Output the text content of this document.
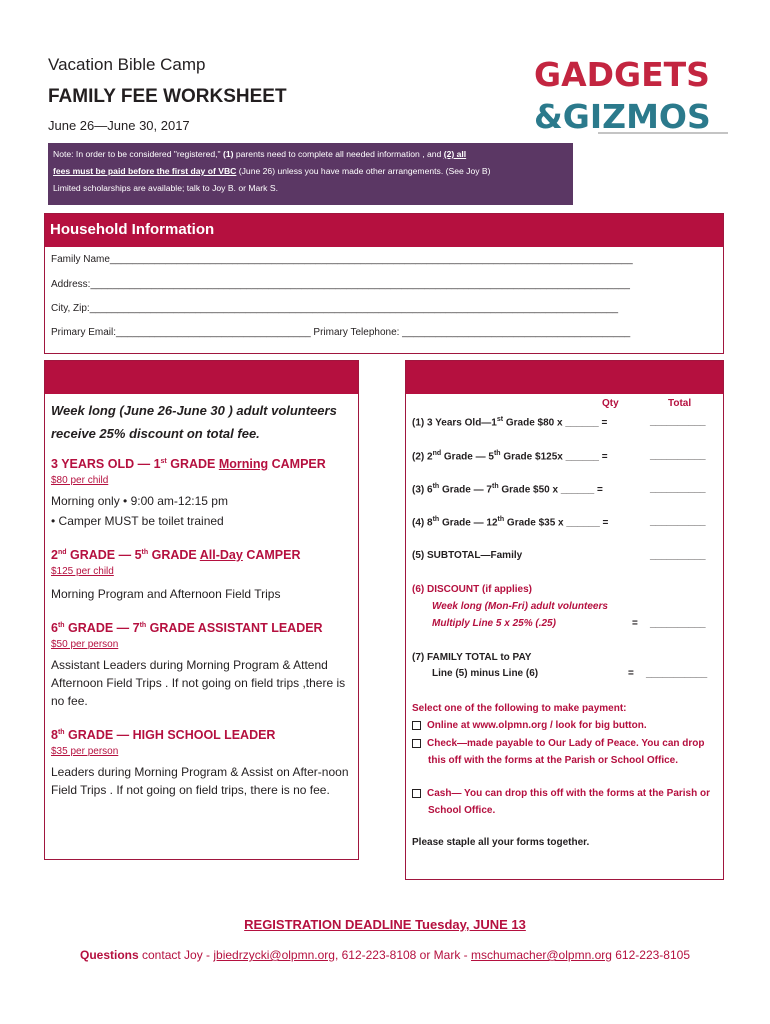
Vacation Bible Camp
FAMILY FEE WORKSHEET
June 26—June 30, 2017
GADGETS
&GIZMOS
Note: In order to be considered "registered," (1) parents need to complete all needed information , and (2) all
fees must be paid before the first day of VBC (June 26) unless you have made other arrangements. (See Joy B)
Limited scholarships are available; talk to Joy B. or Mark S.
Household Information
Family Name______________________________________________________________________________________________
Address:_________________________________________________________________________________________________
City, Zip:_______________________________________________________________________________________________
Primary Email:___________________________________ Primary Telephone: _________________________________________
Week long (June 26-June 30 ) adult volunteers receive 25% discount on total fee.
3 YEARS OLD — 1st GRADE Morning CAMPER
$80 per child
Morning only • 9:00 am-12:15 pm
• Camper MUST be toilet trained
2nd GRADE — 5th GRADE All-Day CAMPER
$125 per child
Morning Program and Afternoon Field Trips
6th GRADE — 7th GRADE ASSISTANT LEADER
$50 per person
Assistant Leaders during Morning Program & Attend Afternoon Field Trips . If not going on field trips ,there is no fee.
8th GRADE — HIGH SCHOOL LEADER
$35 per person
Leaders during Morning Program & Assist on After-noon Field Trips . If not going on field trips, there is no fee.
Qty	Total
(1) 3 Years Old—1st Grade $80 x ______ =	__________
(2) 2nd Grade — 5th Grade $125x ______ =	__________
(3) 6th Grade — 7th Grade $50 x ______ =	__________
(4) 8th Grade — 12th Grade $35 x ______ =	__________
(5) SUBTOTAL—Family	__________
(6) DISCOUNT (if applies)
Week long (Mon-Fri) adult volunteers
Multiply Line 5 x 25% (.25)	= __________
(7) FAMILY TOTAL to PAY
Line (5) minus Line (6)	= ___________
Select one of the following to make payment:
Online at www.olpmn.org / look for big button.
Check—made payable to Our Lady of Peace. You can drop this off with the forms at the Parish or School Office.
Cash— You can drop this off with the forms at the Parish or School Office.
Please staple all your forms together.
REGISTRATION DEADLINE Tuesday, JUNE 13
Questions contact Joy - jbiedrzycki@olpmn.org, 612-223-8108 or Mark - mschumacher@olpmn.org 612-223-8105
